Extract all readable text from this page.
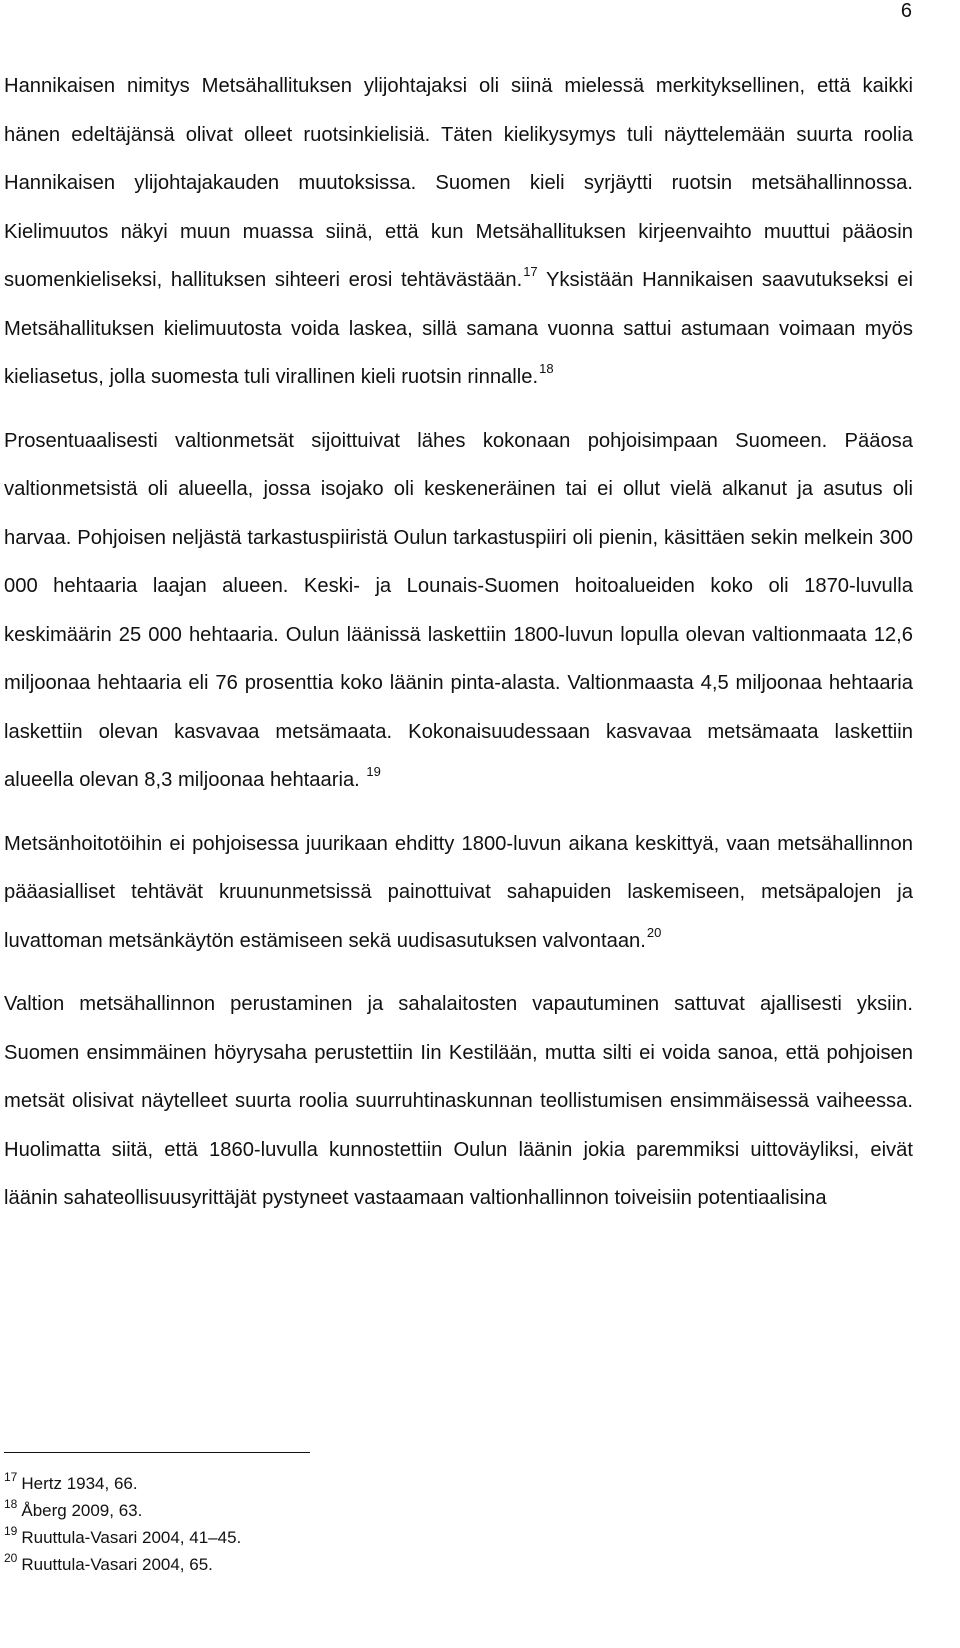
6

Hannikaisen nimitys Metsähallituksen ylijohtajaksi oli siinä mielessä merkityksellinen, että kaikki hänen edeltäjänsä olivat olleet ruotsinkielisiä. Täten kielikysymys tuli näyttelemään suurta roolia Hannikaisen ylijohtajakauden muutoksissa. Suomen kieli syrjäytti ruotsin metsähallinnossa. Kielimuutos näkyi muun muassa siinä, että kun Metsähallituksen kirjeenvaihto muuttui pääosin suomenkieliseksi, hallituksen sihteeri erosi tehtävästään.$^{17}$ Yksistään Hannikaisen saavutukseksi ei Metsähallituksen kielimuutosta voida laskea, sillä samana vuonna sattui astumaan voimaan myös kieliasetus, jolla suomesta tuli virallinen kieli ruotsin rinnalle.$^{18}$

Prosentuaalisesti valtionmetsät sijoittuivat lähes kokonaan pohjoisimpaan Suomeen. Pääosa valtionmetsistä oli alueella, jossa isojako oli keskeneräinen tai ei ollut vielä alkanut ja asutus oli harvaa. Pohjoisen neljästä tarkastuspiiristä Oulun tarkastuspiiri oli pienin, käsittäen sekin melkein 300 000 hehtaaria laajan alueen. Keski- ja Lounais-Suomen hoitoalueiden koko oli 1870-luvulla keskimäärin 25 000 hehtaaria. Oulun läänissä laskettiin 1800-luvun lopulla olevan valtionmaata 12,6 miljoonaa hehtaaria eli 76 prosenttia koko läänin pinta-alasta. Valtionmaasta 4,5 miljoonaa hehtaaria laskettiin olevan kasvavaa metsämaata. Kokonaisuudessaan kasvavaa metsämaata laskettiin alueella olevan 8,3 miljoonaa hehtaaria. $^{19}$

Metsänhoitotöihin ei pohjoisessa juurikaan ehditty 1800-luvun aikana keskittyä, vaan metsähallinnon pääasialliset tehtävät kruununmetsissä painottuivat sahapuiden laskemiseen, metsäpalojen ja luvattoman metsänkäytön estämiseen sekä uudisasutuksen valvontaan.$^{20}$

Valtion metsähallinnon perustaminen ja sahalaitosten vapautuminen sattuvat ajallisesti yksiin. Suomen ensimmäinen höyrysaha perustettiin Iin Kestilään, mutta silti ei voida sanoa, että pohjoisen metsät olisivat näytelleet suurta roolia suurruhtinaskunnan teollistumisen ensimmäisessä vaiheessa. Huolimatta siitä, että 1860-luvulla kunnostettiin Oulun läänin jokia paremmiksi uittoväyliksi, eivät läänin sahateollisuusyrittäjät pystyneet vastaamaan valtionhallinnon toiveisiin potentiaalisina

$^{17}$ Hertz 1934, 66.
$^{18}$ Åberg 2009, 63.
$^{19}$ Ruuttula-Vasari 2004, 41–45.
$^{20}$ Ruuttula-Vasari 2004, 65.
